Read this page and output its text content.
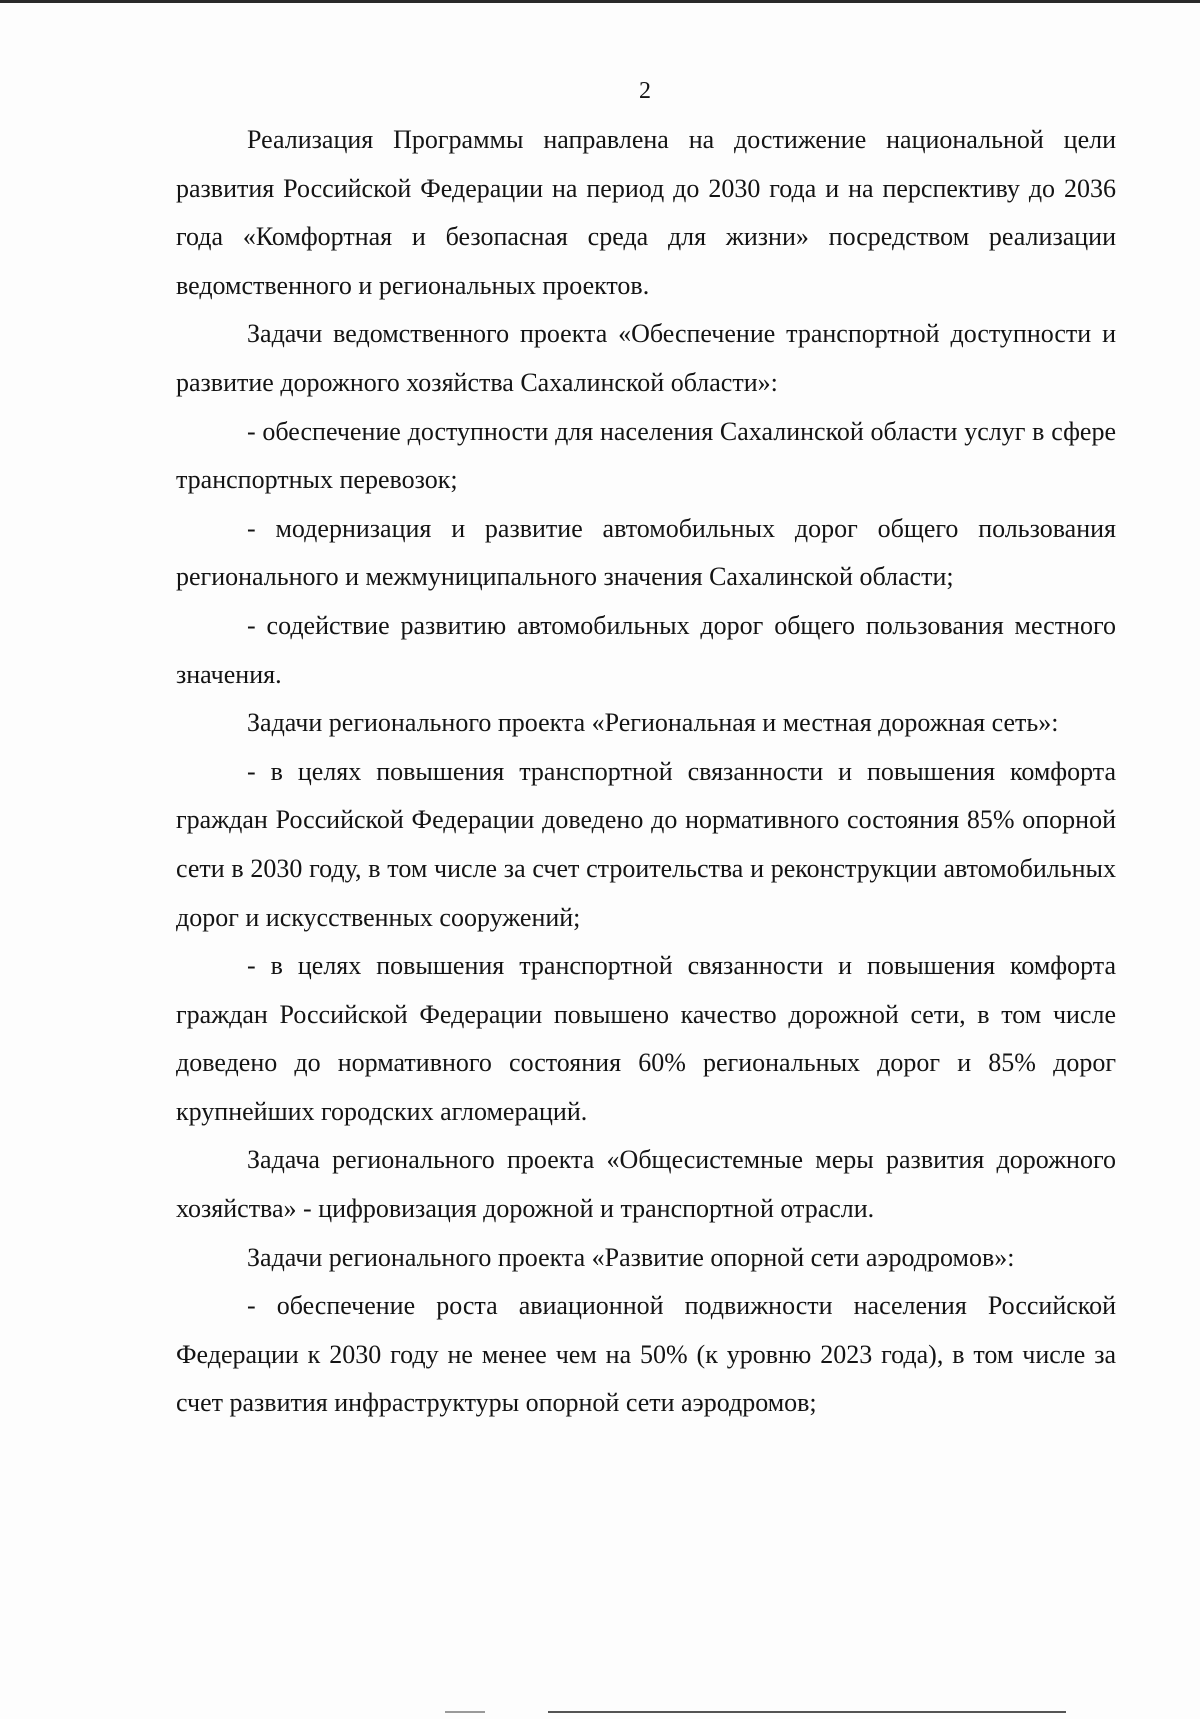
2

Реализация Программы направлена на достижение национальной цели развития Российской Федерации на период до 2030 года и на перспективу до 2036 года «Комфортная и безопасная среда для жизни» посредством реализации ведомственного и региональных проектов.

Задачи ведомственного проекта «Обеспечение транспортной доступности и развитие дорожного хозяйства Сахалинской области»:

- обеспечение доступности для населения Сахалинской области услуг в сфере транспортных перевозок;

- модернизация и развитие автомобильных дорог общего пользования регионального и межмуниципального значения Сахалинской области;

- содействие развитию автомобильных дорог общего пользования местного значения.

Задачи регионального проекта «Региональная и местная дорожная сеть»:

- в целях повышения транспортной связанности и повышения комфорта граждан Российской Федерации доведено до нормативного состояния 85% опорной сети в 2030 году, в том числе за счет строительства и реконструкции автомобильных дорог и искусственных сооружений;

- в целях повышения транспортной связанности и повышения комфорта граждан Российской Федерации повышено качество дорожной сети, в том числе доведено до нормативного состояния 60% региональных дорог и 85% дорог крупнейших городских агломераций.

Задача регионального проекта «Общесистемные меры развития дорожного хозяйства» - цифровизация дорожной и транспортной отрасли.

Задачи регионального проекта «Развитие опорной сети аэродромов»:

- обеспечение роста авиационной подвижности населения Российской Федерации к 2030 году не менее чем на 50% (к уровню 2023 года), в том числе за счет развития инфраструктуры опорной сети аэродромов;
